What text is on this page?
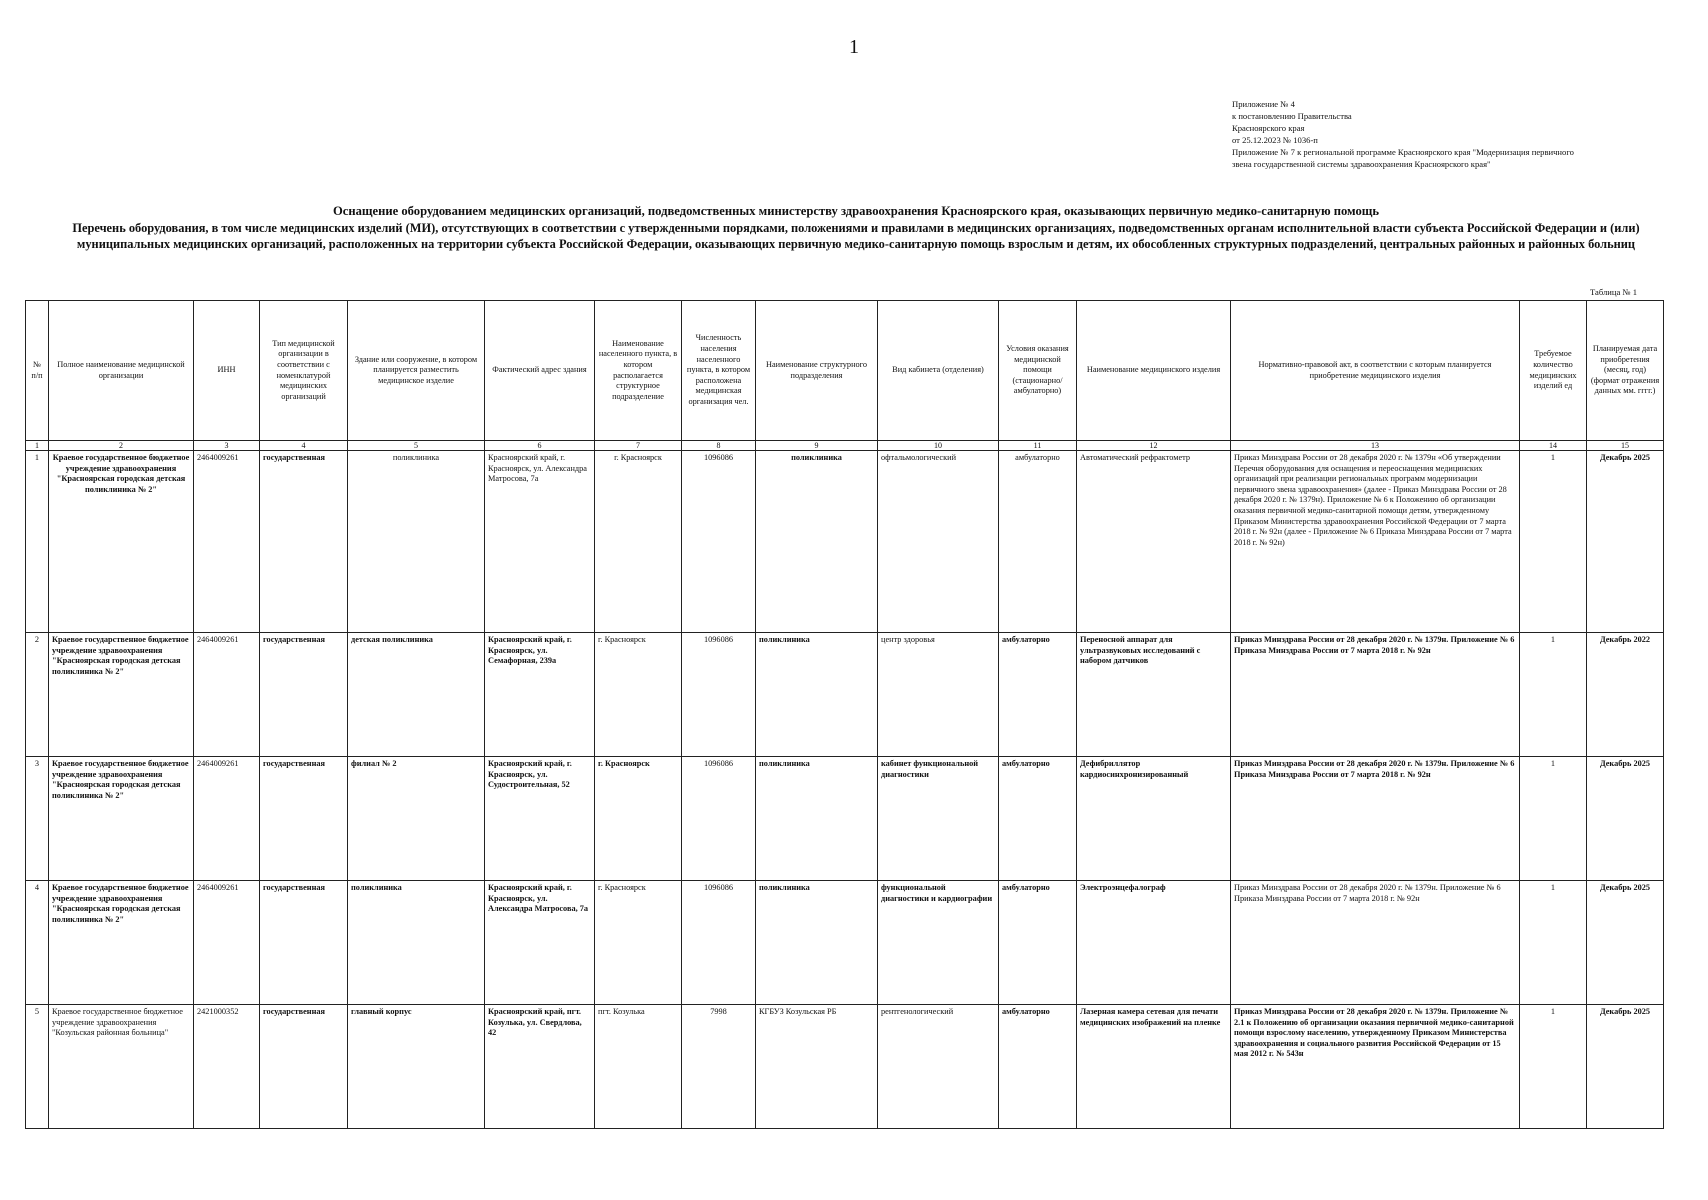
1
Приложение № 4
к постановлению Правительства
Красноярского края
от 25.12.2023 № 1036-п
Приложение № 7 к региональной программе Красноярского края "Модернизация первичного
звена государственной системы здравоохранения Красноярского края"
Оснащение оборудованием медицинских организаций, подведомственных министерству здравоохранения Красноярского края, оказывающих первичную медико-санитарную помощь
Перечень оборудования, в том числе медицинских изделий (МИ), отсутствующих в соответствии с утвержденными порядками, положениями и правилами в медицинских организациях, подведомственных органам исполнительной власти субъекта Российской Федерации и (или) муниципальных медицинских организаций, расположенных на территории субъекта Российской Федерации, оказывающих первичную медико-санитарную помощь взрослым и детям, их обособленных структурных подразделений, центральных районных и районных больниц
Таблица № 1
№ п/п	Полное наименование медицинской организации	ИНН	Тип медицинской организации в соответствии с номенклатурой медицинских организаций	Здание или сооружение, в котором планируется разместить медицинское изделие	Фактический адрес здания	Наименование населенного пункта, в котором располагается структурное подразделение	Численность населения населенного пункта, в котором расположена медицинская организация чел.	Наименование структурного подразделения	Вид кабинета (отделения)	Условия оказания медицинской помощи (стационарно/амбулаторно)	Наименование медицинского изделия	Нормативно-правовой акт, в соответствии с которым планируется приобретение медицинского изделия	Требуемое количество медицинских изделий ед	Планируемая дата приобретения (месяц, год) (формат отражения данных мм. гггг.)
1	2	3	4	5	6	7	8	9	10	11	12	13	14	15
1	Краевое государственное бюджетное учреждение здравоохранения "Красноярская городская детская поликлиника № 2"	2464009261	государственная	поликлиника	Красноярский край, г. Красноярск, ул. Александра Матросова, 7а	г. Красноярск	1096086	поликлиника	офтальмологический	амбулаторно	Автоматический рефрактометр	Приказ Минздрава России от 28 декабря 2020 г. № 1379н «Об утверждении Перечня оборудования для оснащения и переоснащения медицинских организаций при реализации региональных программ модернизации первичного звена здравоохранения» (далее - Приказ Минздрава России от 28 декабря 2020 г. № 1379н). Приложение № 6 к Положению об организации оказания первичной медико-санитарной помощи детям, утвержденному Приказом Министерства здравоохранения Российской Федерации от 7 марта 2018 г. № 92н (далее - Приложение № 6 Приказа Минздрава России от 7 марта 2018 г. № 92н)	1	Декабрь 2025
2	Краевое государственное бюджетное учреждение здравоохранения "Красноярская городская детская поликлиника № 2"	2464009261	государственная	детская поликлиника	Красноярский край, г. Красноярск, ул. Семафорная, 239а	г. Красноярск	1096086	поликлиника	центр здоровья	амбулаторно	Переносной аппарат для ультразвуковых исследований с набором датчиков	Приказ Минздрава России от 28 декабря 2020 г. № 1379н. Приложение № 6 Приказа Минздрава России от 7 марта 2018 г. № 92н	1	Декабрь 2022
3	Краевое государственное бюджетное учреждение здравоохранения "Красноярская городская детская поликлиника № 2"	2464009261	государственная	филиал № 2	Красноярский край, г. Красноярск, ул. Судостроительная, 52	г. Красноярск	1096086	поликлиника	кабинет функциональной диагностики	амбулаторно	Дефибриллятор кардиосинхронизированный	Приказ Минздрава России от 28 декабря 2020 г. № 1379н. Приложение № 6 Приказа Минздрава России от 7 марта 2018 г. № 92н	1	Декабрь 2025
4	Краевое государственное бюджетное учреждение здравоохранения "Красноярская городская детская поликлиника № 2"	2464009261	государственная	поликлиника	Красноярский край, г. Красноярск, ул. Александра Матросова, 7а	г. Красноярск	1096086	поликлиника	функциональной диагностики и кардиографии	амбулаторно	Электроэнцефалограф	Приказ Минздрава России от 28 декабря 2020 г. № 1379н. Приложение № 6 Приказа Минздрава России от 7 марта 2018 г. № 92н	1	Декабрь 2025
5	Краевое государственное бюджетное учреждение здравоохранения "Козульская районная больница"	2421000352	государственная	главный корпус	Красноярский край, пгт. Козулька, ул. Свердлова, 42	пгт. Козулька	7998	КГБУЗ Козульская РБ	рентгенологический	амбулаторно	Лазерная камера сетевая для печати медицинских изображений на пленке	Приказ Минздрава России от 28 декабря 2020 г. № 1379н. Приложение № 2.1 к Положению об организации оказания первичной медико-санитарной помощи взрослому населению, утвержденному Приказом Министерства здравоохранения и социального развития Российской Федерации от 15 мая 2012 г. № 543н	1	Декабрь 2025
